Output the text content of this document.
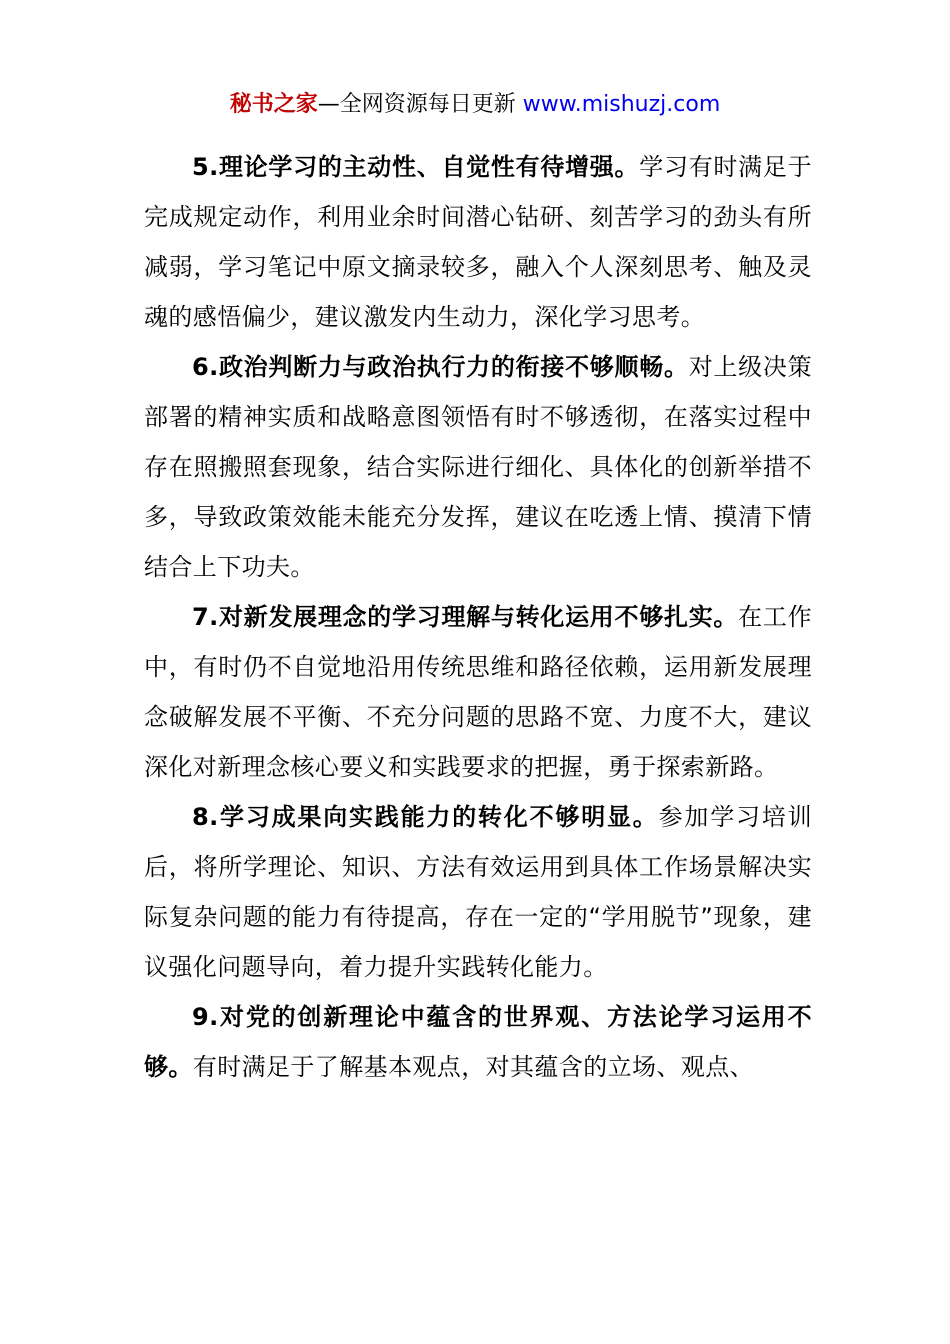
秘书之家—全网资源每日更新 www.mishuzj.com

5.理论学习的主动性、自觉性有待增强。学习有时满足于完成规定动作，利用业余时间潜心钻研、刻苦学习的劲头有所减弱，学习笔记中原文摘录较多，融入个人深刻思考、触及灵魂的感悟偏少，建议激发内生动力，深化学习思考。

6.政治判断力与政治执行力的衔接不够顺畅。对上级决策部署的精神实质和战略意图领悟有时不够透彻，在落实过程中存在照搬照套现象，结合实际进行细化、具体化的创新举措不多，导致政策效能未能充分发挥，建议在吃透上情、摸清下情结合上下功夫。

7.对新发展理念的学习理解与转化运用不够扎实。在工作中，有时仍不自觉地沿用传统思维和路径依赖，运用新发展理念破解发展不平衡、不充分问题的思路不宽、力度不大，建议深化对新理念核心要义和实践要求的把握，勇于探索新路。

8.学习成果向实践能力的转化不够明显。参加学习培训后，将所学理论、知识、方法有效运用到具体工作场景解决实际复杂问题的能力有待提高，存在一定的“学用脱节”现象，建议强化问题导向，着力提升实践转化能力。

9.对党的创新理论中蕴含的世界观、方法论学习运用不够。有时满足于了解基本观点，对其蕴含的立场、观点、
